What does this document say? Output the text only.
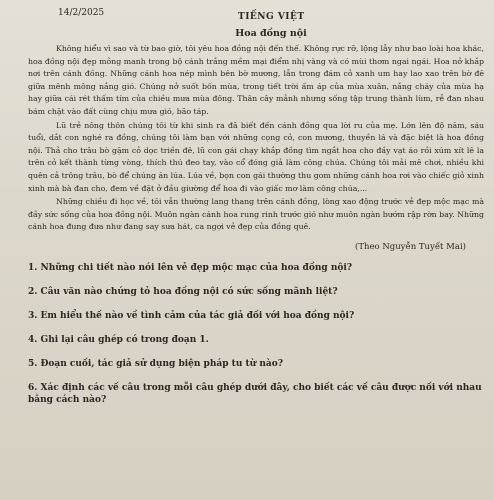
14/2/2025	TIẾNG VIỆT
Hoa đồng nội

Không hiểu vì sao và từ bao giờ, tôi yêu hoa đồng nội đến thế. Không rực rỡ, lộng lẫy như bao loài hoa khác, hoa đồng nội đẹp mỏng manh trong bộ cánh trắng mềm mại điểm nhị vàng và có mùi thơm ngai ngái. Hoa nở khắp nơi trên cánh đồng. Những cánh hoa nép mình bên bờ mương, lẫn trong đám cỏ xanh um hay lao xao trên bờ đê giữa mênh mông nắng gió. Chúng nở suốt bốn mùa, trong tiết trời ấm áp của mùa xuân, nắng cháy của mùa hạ hay giữa cái rét thấm tím của chiều mưa mùa đông. Thân cây mảnh nhưng sống tập trung thành lùm, rễ đan nhau bám chặt vào đất cùng chịu mưa gió, bão táp.

Lũ trẻ nông thôn chúng tôi từ khi sinh ra đã biết đến cánh đồng qua lời ru của mẹ. Lớn lên độ năm, sáu tuổi, dắt con nghé ra đồng, chúng tôi làm bạn với những cọng cỏ, con mương, thuyền lá và đặc biệt là hoa đồng nội. Thả cho trâu bò gặm cỏ dọc triền đê, lũ con gái chạy khắp đồng tìm ngắt hoa cho đầy vạt áo rồi xúm xít lê la trên cỏ kết thành từng vòng, thích thú đeo tay, vào cổ đóng giả làm công chúa. Chúng tôi mải mê chơi, nhiều khi quên cả trông trâu, bò để chúng ăn lúa. Lúa về, bọn con gái thường thu gom những cánh hoa rơi vào chiếc giỏ xinh xinh mà bà đan cho, đem về đặt ở đầu giường để hoa đi vào giấc mơ làm công chúa,...

Những chiều đi học về, tôi vẫn thường lang thang trên cánh đồng, lòng xao động trước vẻ đẹp mộc mạc mà đầy sức sống của hoa đồng nội. Muôn ngàn cánh hoa rung rinh trước gió như muôn ngàn bướm rập rờn bay. Những cánh hoa đung đưa như đang say sưa hát, ca ngợi vẻ đẹp của đồng quê.

(Theo Nguyễn Tuyết Mai)
1. Những chi tiết nào nói lên vẻ đẹp mộc mạc của hoa đồng nội?
2. Câu văn nào chứng tỏ hoa đồng nội có sức sống mãnh liệt?
3. Em hiểu thế nào về tình cảm của tác giả đối với hoa đồng nội?
4. Ghi lại câu ghép có trong đoạn 1.
5. Đoạn cuối, tác giả sử dụng biện pháp tu từ nào?
6. Xác định các vế câu trong mỗi câu ghép dưới đây, cho biết các vế câu được nối với nhau bằng cách nào?
